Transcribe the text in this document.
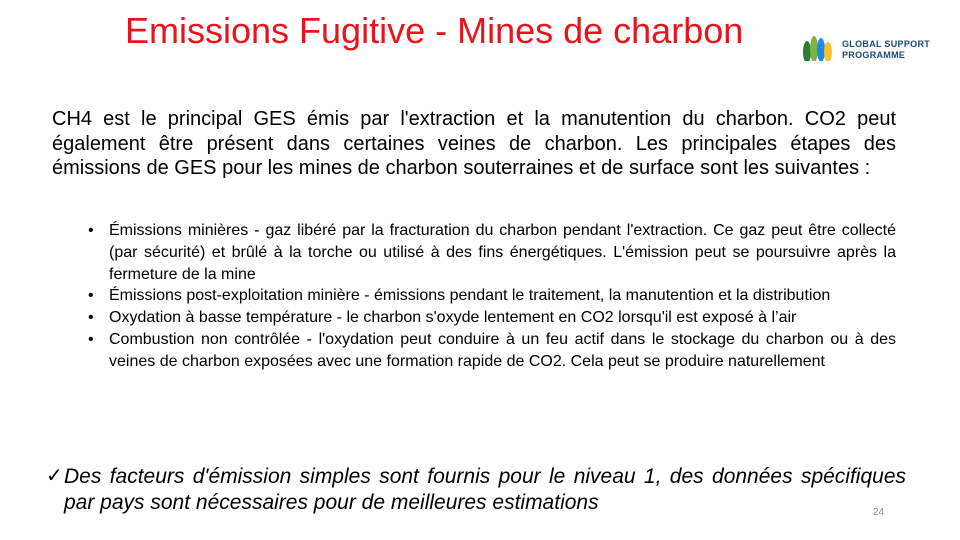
Emissions Fugitive - Mines de charbon	GLOBAL SUPPORT
PROGRAMME

CH4 est le principal GES émis par l'extraction et la manutention du charbon. CO2 peut également être présent dans certaines veines de charbon. Les principales étapes des émissions de GES pour les mines de charbon souterraines et de surface sont les suivantes :

• Émissions minières - gaz libéré par la fracturation du charbon pendant l'extraction. Ce gaz peut être collecté (par sécurité) et brûlé à la torche ou utilisé à des fins énergétiques. L'émission peut se poursuivre après la fermeture de la mine
• Émissions post-exploitation minière - émissions pendant le traitement, la manutention et la distribution
• Oxydation à basse température - le charbon s'oxyde lentement en CO2 lorsqu'il est exposé à l’air
• Combustion non contrôlée - l'oxydation peut conduire à un feu actif dans le stockage du charbon ou à des veines de charbon exposées avec une formation rapide de CO2. Cela peut se produire naturellement
✓ Des facteurs d'émission simples sont fournis pour le niveau 1, des données spécifiques par pays sont nécessaires pour de meilleures estimations	24
